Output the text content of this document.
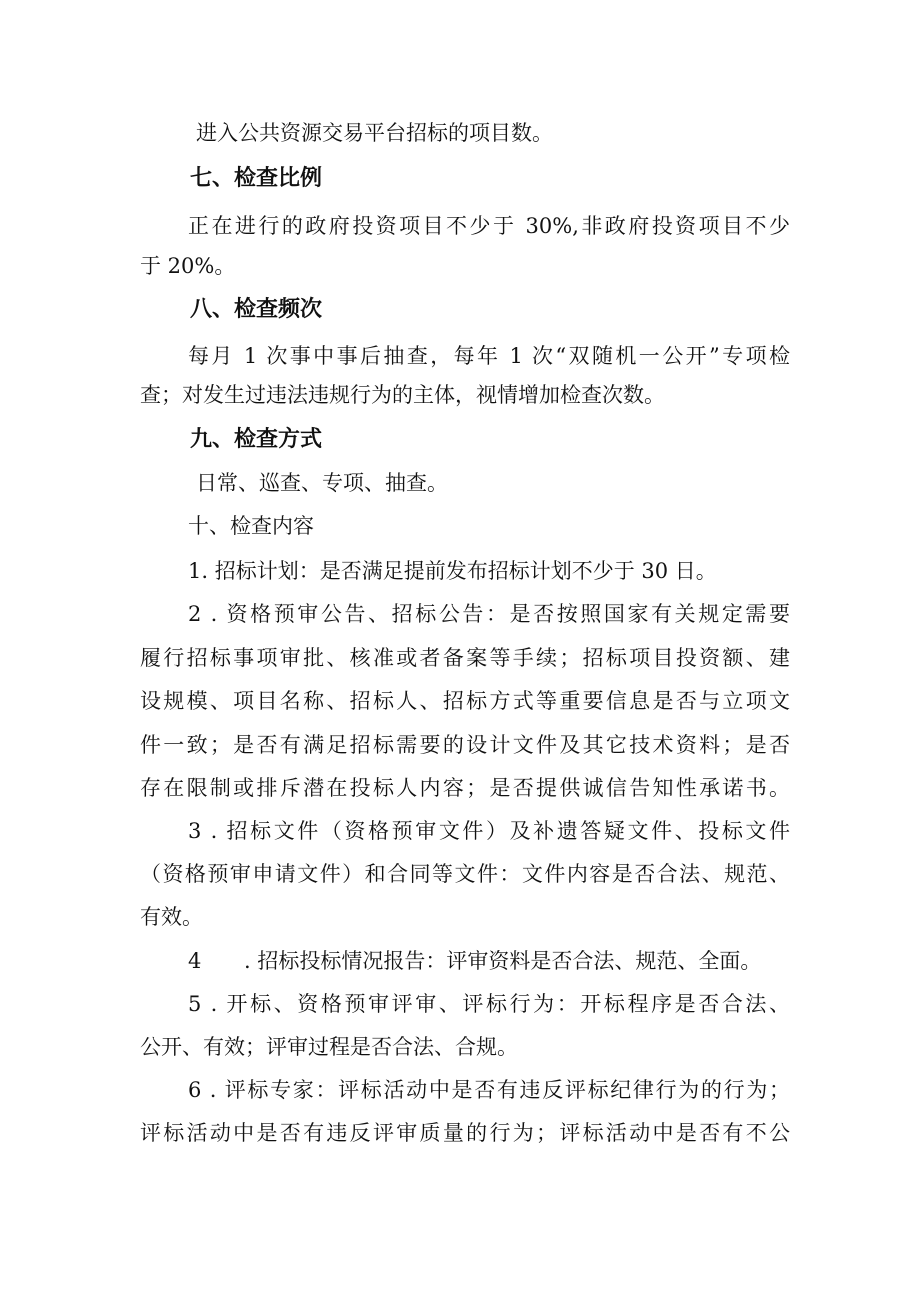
进入公共资源交易平台招标的项目数。
七、检查比例
正在进行的政府投资项目不少于 30%,非政府投资项目不少
于 20%。
八、检查频次
每月 1 次事中事后抽查，每年 1 次“双随机一公开”专项检
查；对发生过违法违规行为的主体，视情增加检查次数。
九、检查方式
日常、巡查、专项、抽查。
十、检查内容
1. 招标计划：是否满足提前发布招标计划不少于 30 日。
2 . 资格预审公告、招标公告：是否按照国家有关规定需要
履行招标事项审批、核准或者备案等手续；招标项目投资额、建
设规模、项目名称、招标人、招标方式等重要信息是否与立项文
件一致；是否有满足招标需要的设计文件及其它技术资料；是否
存在限制或排斥潜在投标人内容；是否提供诚信告知性承诺书。
3 . 招标文件（资格预审文件）及补遗答疑文件、投标文件
（资格预审申请文件）和合同等文件：文件内容是否合法、规范、
有效。
4	. 招标投标情况报告：评审资料是否合法、规范、全面。
5 . 开标、资格预审评审、评标行为：开标程序是否合法、
公开、有效；评审过程是否合法、合规。
6 . 评标专家：评标活动中是否有违反评标纪律行为的行为；
评标活动中是否有违反评审质量的行为；评标活动中是否有不公
